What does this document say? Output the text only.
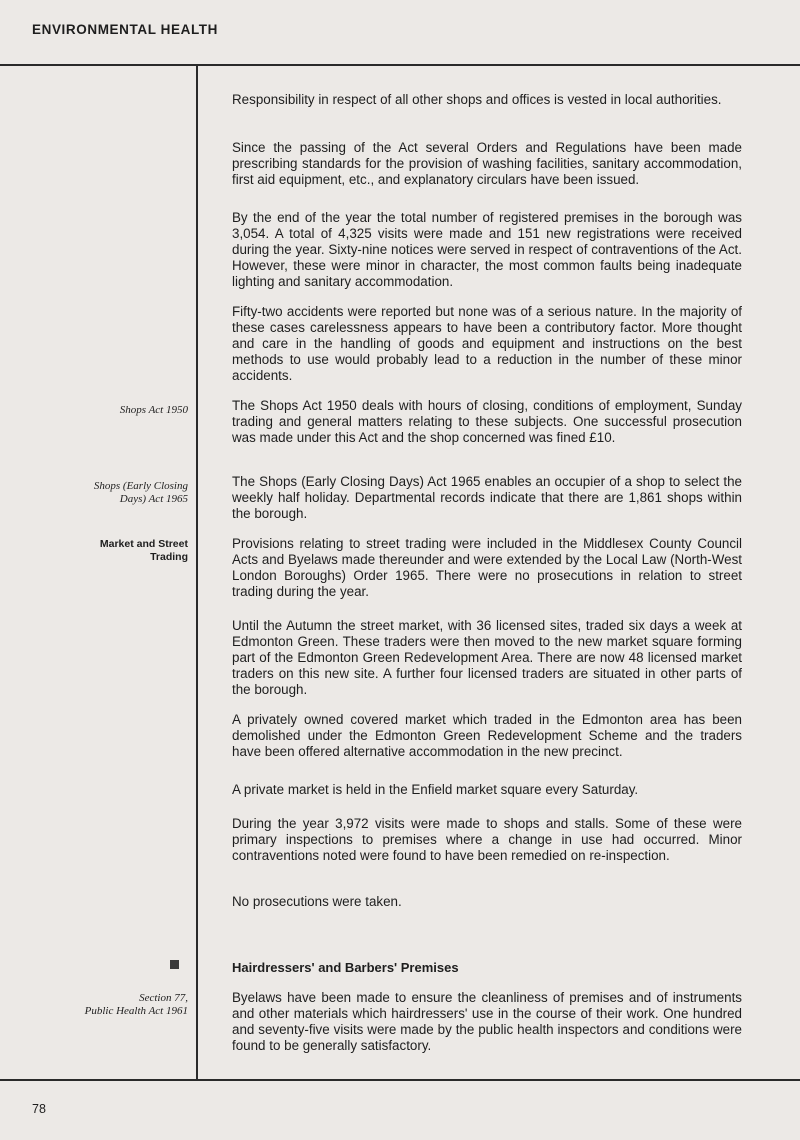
ENVIRONMENTAL HEALTH
Shops Act 1950
Shops (Early Closing
Days) Act 1965
Market and Street
Trading
Section 77,
Public Health Act 1961

Responsibility in respect of all other shops and offices is vested in local authorities.

Since the passing of the Act several Orders and Regulations have been made prescribing standards for the provision of washing facilities, sanitary accommodation, first aid equipment, etc., and explanatory circulars have been issued.

By the end of the year the total number of registered premises in the borough was 3,054. A total of 4,325 visits were made and 151 new registrations were received during the year. Sixty-nine notices were served in respect of contraventions of the Act. However, these were minor in character, the most common faults being inadequate lighting and sanitary accommodation.

Fifty-two accidents were reported but none was of a serious nature. In the majority of these cases carelessness appears to have been a contributory factor. More thought and care in the handling of goods and equipment and instructions on the best methods to use would probably lead to a reduction in the number of these minor accidents.

The Shops Act 1950 deals with hours of closing, conditions of employment, Sunday trading and general matters relating to these subjects. One successful prosecution was made under this Act and the shop concerned was fined £10.

The Shops (Early Closing Days) Act 1965 enables an occupier of a shop to select the weekly half holiday. Departmental records indicate that there are 1,861 shops within the borough.

Provisions relating to street trading were included in the Middlesex County Council Acts and Byelaws made thereunder and were extended by the Local Law (North-West London Boroughs) Order 1965. There were no prosecutions in relation to street trading during the year.

Until the Autumn the street market, with 36 licensed sites, traded six days a week at Edmonton Green. These traders were then moved to the new market square forming part of the Edmonton Green Redevelopment Area. There are now 48 licensed market traders on this new site. A further four licensed traders are situated in other parts of the borough.

A privately owned covered market which traded in the Edmonton area has been demolished under the Edmonton Green Redevelopment Scheme and the traders have been offered alternative accommodation in the new precinct.

A private market is held in the Enfield market square every Saturday.

During the year 3,972 visits were made to shops and stalls. Some of these were primary inspections to premises where a change in use had occurred. Minor contraventions noted were found to have been remedied on re-inspection.

No prosecutions were taken.

Hairdressers' and Barbers' Premises

Byelaws have been made to ensure the cleanliness of premises and of instruments and other materials which hairdressers' use in the course of their work. One hundred and seventy-five visits were made by the public health inspectors and conditions were found to be generally satisfactory.

78
